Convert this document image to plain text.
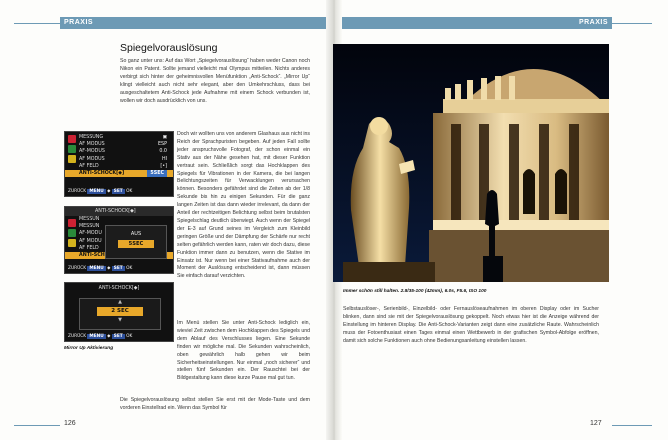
PRAXIS
Spiegelvorauslösung

So ganz unter uns: Auf das Wort „Spiegelvorauslösung“ haben weder Canon noch Nikon ein Patent. Sollte jemand vielleicht mal Olympus mitteilen. Nichts anderes verbirgt sich hinter der geheimnisvollen Menüfunktion „Anti-Schock“. „Mirror Up“ klingt vielleicht auch nicht sehr elegant, aber den Umkehrschluss, dass bei ausgeschaltetem Anti-Schock jede Aufnahme mit einem Schock verbunden ist, wollen wir doch ausdrücklich von uns.

Doch wir wollten uns von anderem Glashaus aus nicht ins Reich der Sprachpuristen begeben. Auf jeden Fall sollte jeder anspruchsvolle Fotograf, der schon einmal ein Stativ aus der Nähe gesehen hat, mit dieser Funktion vertraut sein. Schließlich sorgt das Hochklappen des Spiegels für Vibrationen in der Kamera, die bei langen Belichtungszeiten für Verwacklungen verursachen können. Besonders gefährdet sind die Zeiten ab der 1/8 Sekunde bis hin zu einigen Sekunden. Für die ganz langen Zeiten ist das dann wieder irrelevant, da dann der Anteil der rechtzeitigen Belichtung selbst beim brutalsten Spiegelschlag deutlich überwiegt. Auch wenn der Spiegel der E-3 auf Grund seines im Vergleich zum Kleinbild geringen Größe und der Dämpfung der Schärfe nur recht selten gefährlich werden kann, raten wir doch dazu, diese Funktion immer dann zu benutzen, wenn die Stative im Einsatz ist. Nur wenn bei einer Stativaufnahme auch der Moment der Auslösung entscheidend ist, dann müssen Sie einfach darauf verzichten.

Die Spiegelvorauslösung selbst stellen Sie erst mit der Mode-Taste und dem vorderen Einstellrad ein. Wenn das Symbol für

MESSUNG	▣
AF MODUS	ESP
AF-MODUS	0.0
AF MODUS	HI
AF FELD	[•]
ANTI-SCHOCK[◆]	5SEC
ZURÜCK MENU ◆ SET OK
ANTI-SCHOCK[◆]
MESSUN
MESSUN
AF-MODU
AF MODU
AF FELD
ANTI-SCH
AUS
5SEC
ZURÜCK MENU ◆ SET OK
ANTI-SCHOCK[◆]
▲
2 SEC
▼
ZURÜCK MENU ◆ SET OK
Mirror Up Aktivierung
126
PRAXIS
Immer schön still halten. 2.8/35-100 (42mm), 6.0s, F5.6, ISO 100

Selbstauslöser-, Serienbild-, Einzelbild- oder Fernauslöseaufnahmen im oberen Display oder im Sucher blinken, dann sind sie mit der Spiegelvorauslösung gekoppelt. Noch etwas hier ist die Anzeige während der Einstellung im hinteren Display. Die Anti-Schock-Varianten zeigt dann eine zusätzliche Raute. Wahrscheinlich muss der Fotoenthusiast einen Tages einmal einen Wettbewerb in der grafischen Symbol-Abfolge eröffnen, damit sich solche Funktionen auch ohne Bedienungsanleitung einstellen lassen.

127

Im Menü stellen Sie unter Anti-Schock lediglich ein, wieviel Zeit zwischen dem Hochklappen des Spiegels und dem Ablauf des Verschlusses liegen. Eine Sekunde finden wir mögliche mal. Die Sekunden wahrscheinlich, oben gewährlich halb gehen wir beim Sicherheitseinstellungen. Nur einmal „noch sicherer“ und stellen fünf Sekunden ein. Der Rauschtei bei der Bildgestaltung kann diese kurze Pause mal gut tun.
